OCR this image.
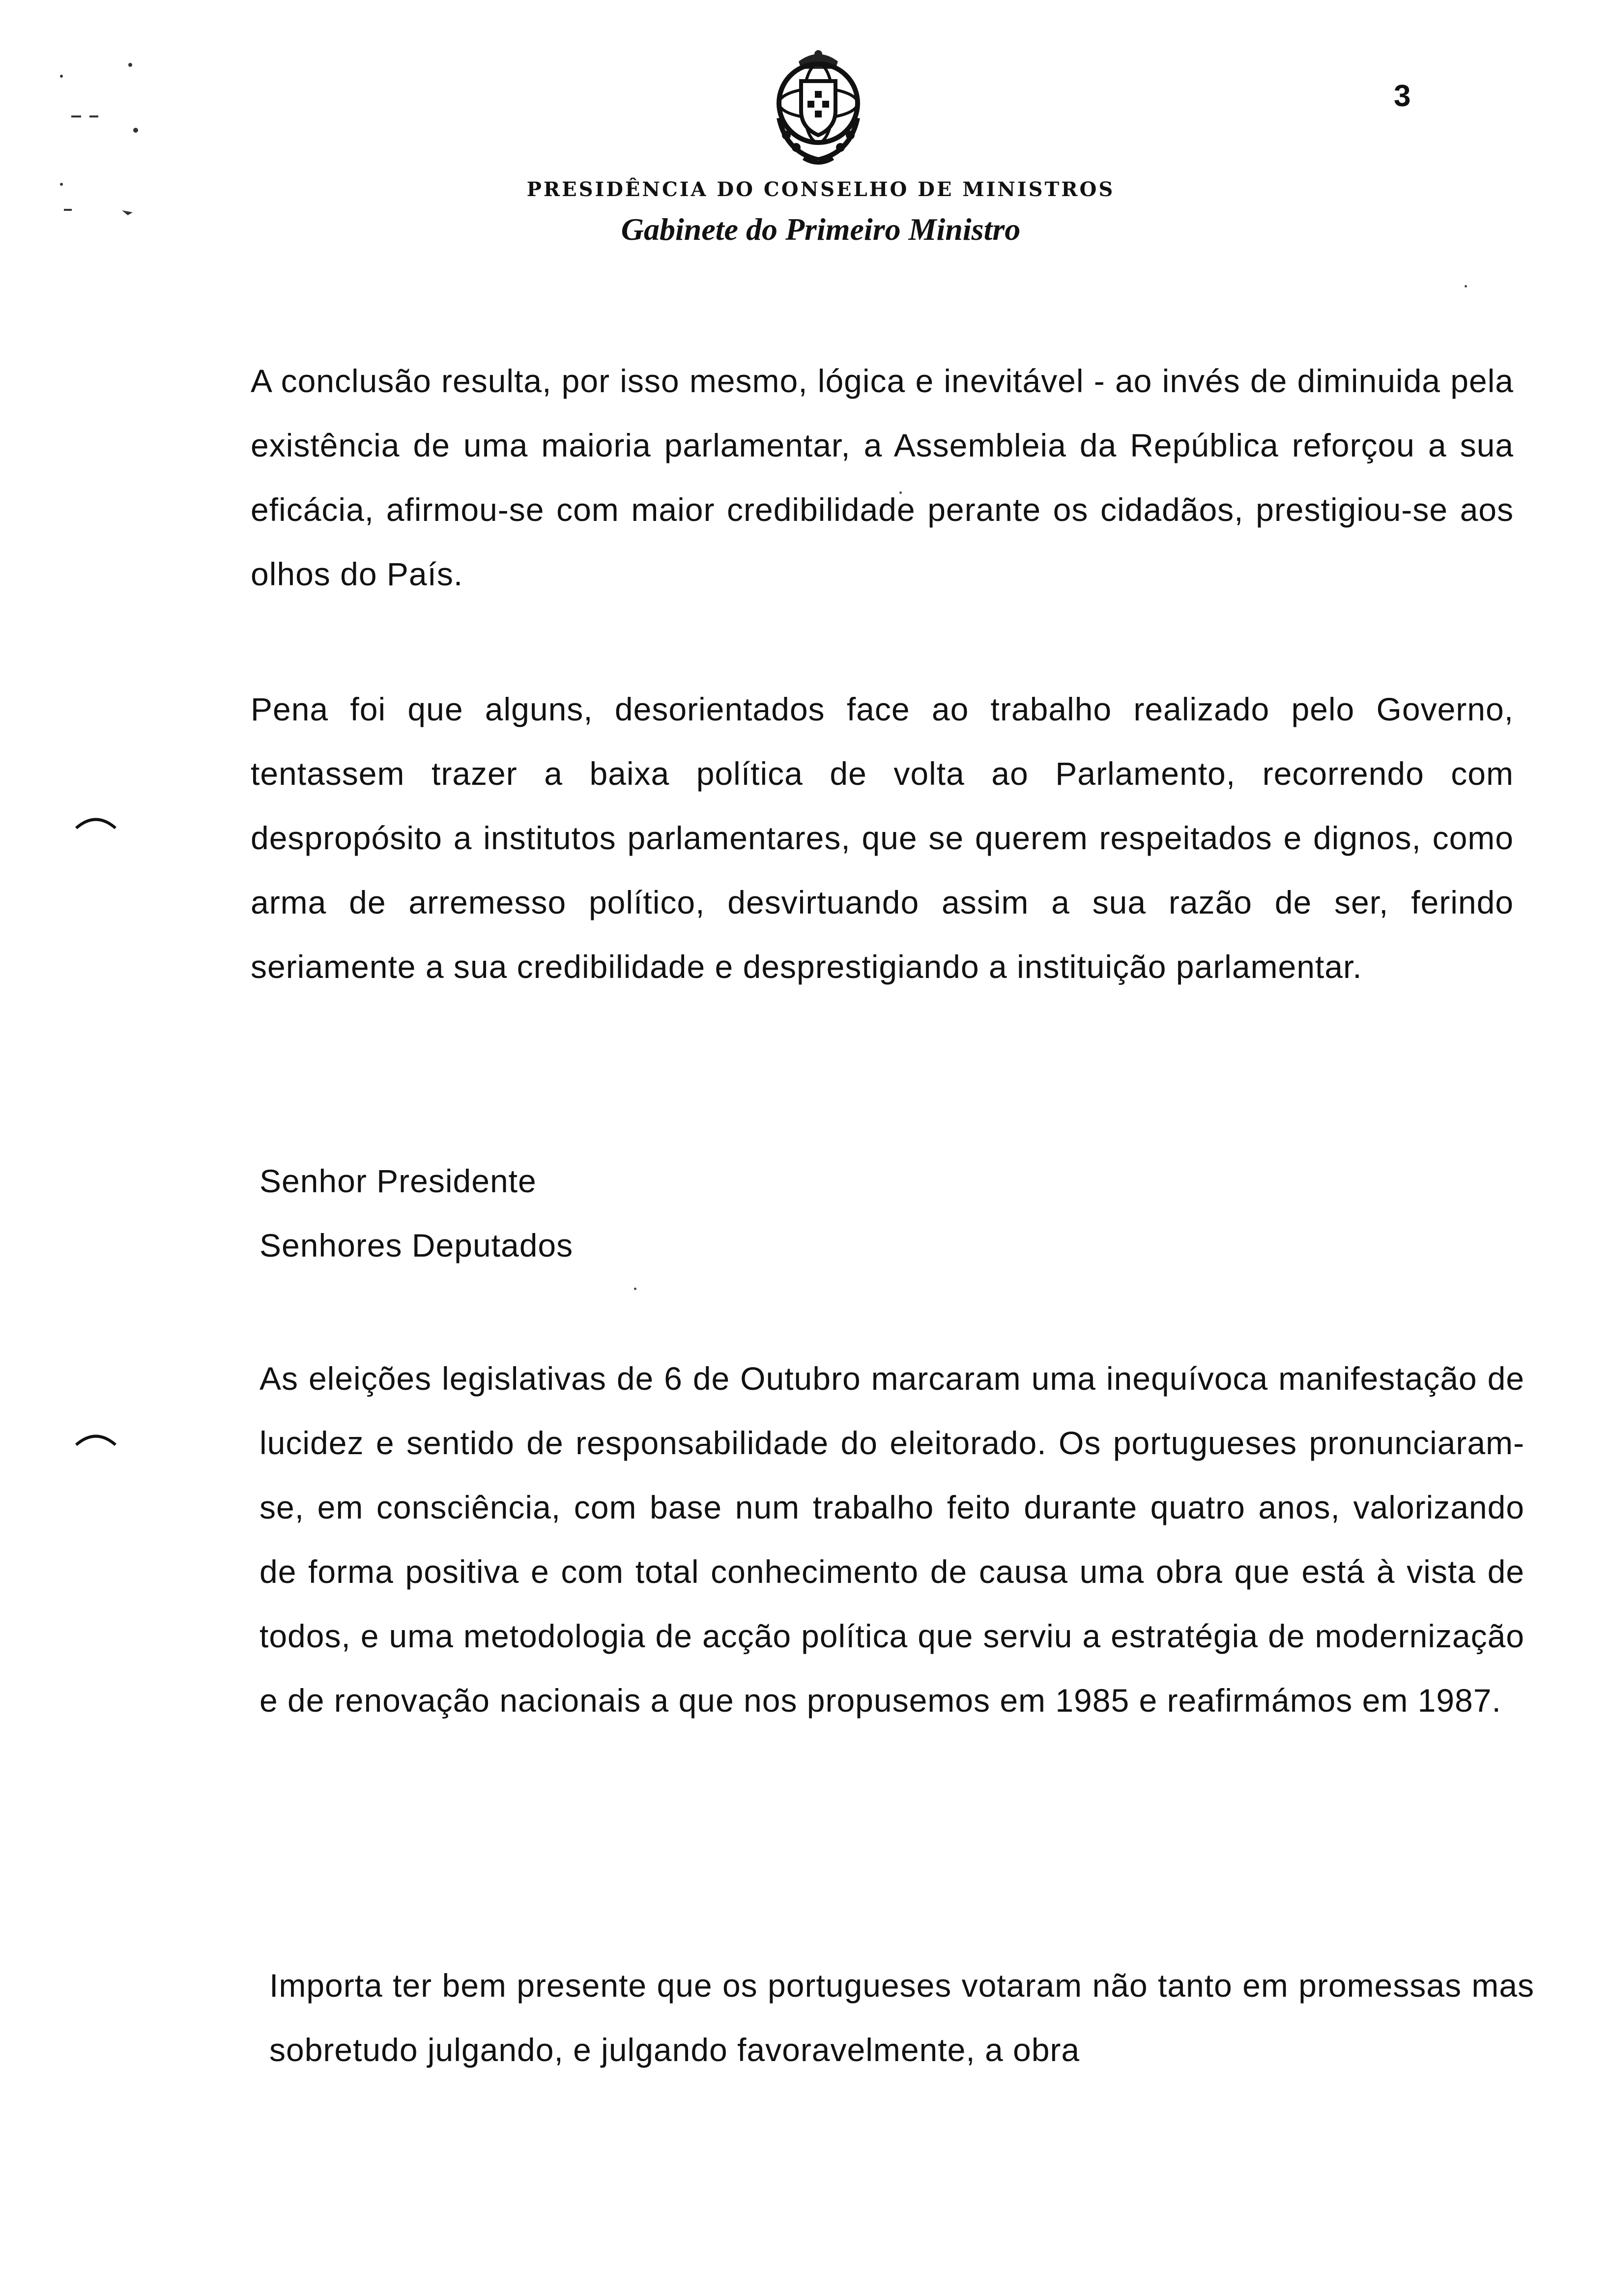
3
PRESIDÊNCIA DO CONSELHO DE MINISTROS
Gabinete do Primeiro Ministro
A conclusão resulta, por isso mesmo, lógica e inevitável - ao invés de diminuida pela existência de uma maioria parlamentar, a Assembleia da República reforçou a sua eficácia, afirmou-se com maior credibilidade perante os cidadãos, prestigiou-se aos olhos do País.
Pena foi que alguns, desorientados face ao trabalho realizado pelo Governo, tentassem trazer a baixa política de volta ao Parlamento, recorrendo com despropósito a institutos parlamentares, que se querem respeitados e dignos, como arma de arremesso político, desvirtuando assim a sua razão de ser, ferindo seriamente a sua credibilidade e desprestigiando a instituição parlamentar.
Senhor Presidente
Senhores Deputados
As eleições legislativas de 6 de Outubro marcaram uma inequívoca manifestação de lucidez e sentido de responsabilidade do eleitorado. Os portugueses pronunciaram-se, em consciência, com base num trabalho feito durante quatro anos, valorizando de forma positiva e com total conhecimento de causa uma obra que está à vista de todos, e uma metodologia de acção política que serviu a estratégia de modernização e de renovação nacionais a que nos propusemos em 1985 e reafirmámos em 1987.
Importa ter bem presente que os portugueses votaram não tanto em promessas mas sobretudo julgando, e julgando favoravelmente, a obra
